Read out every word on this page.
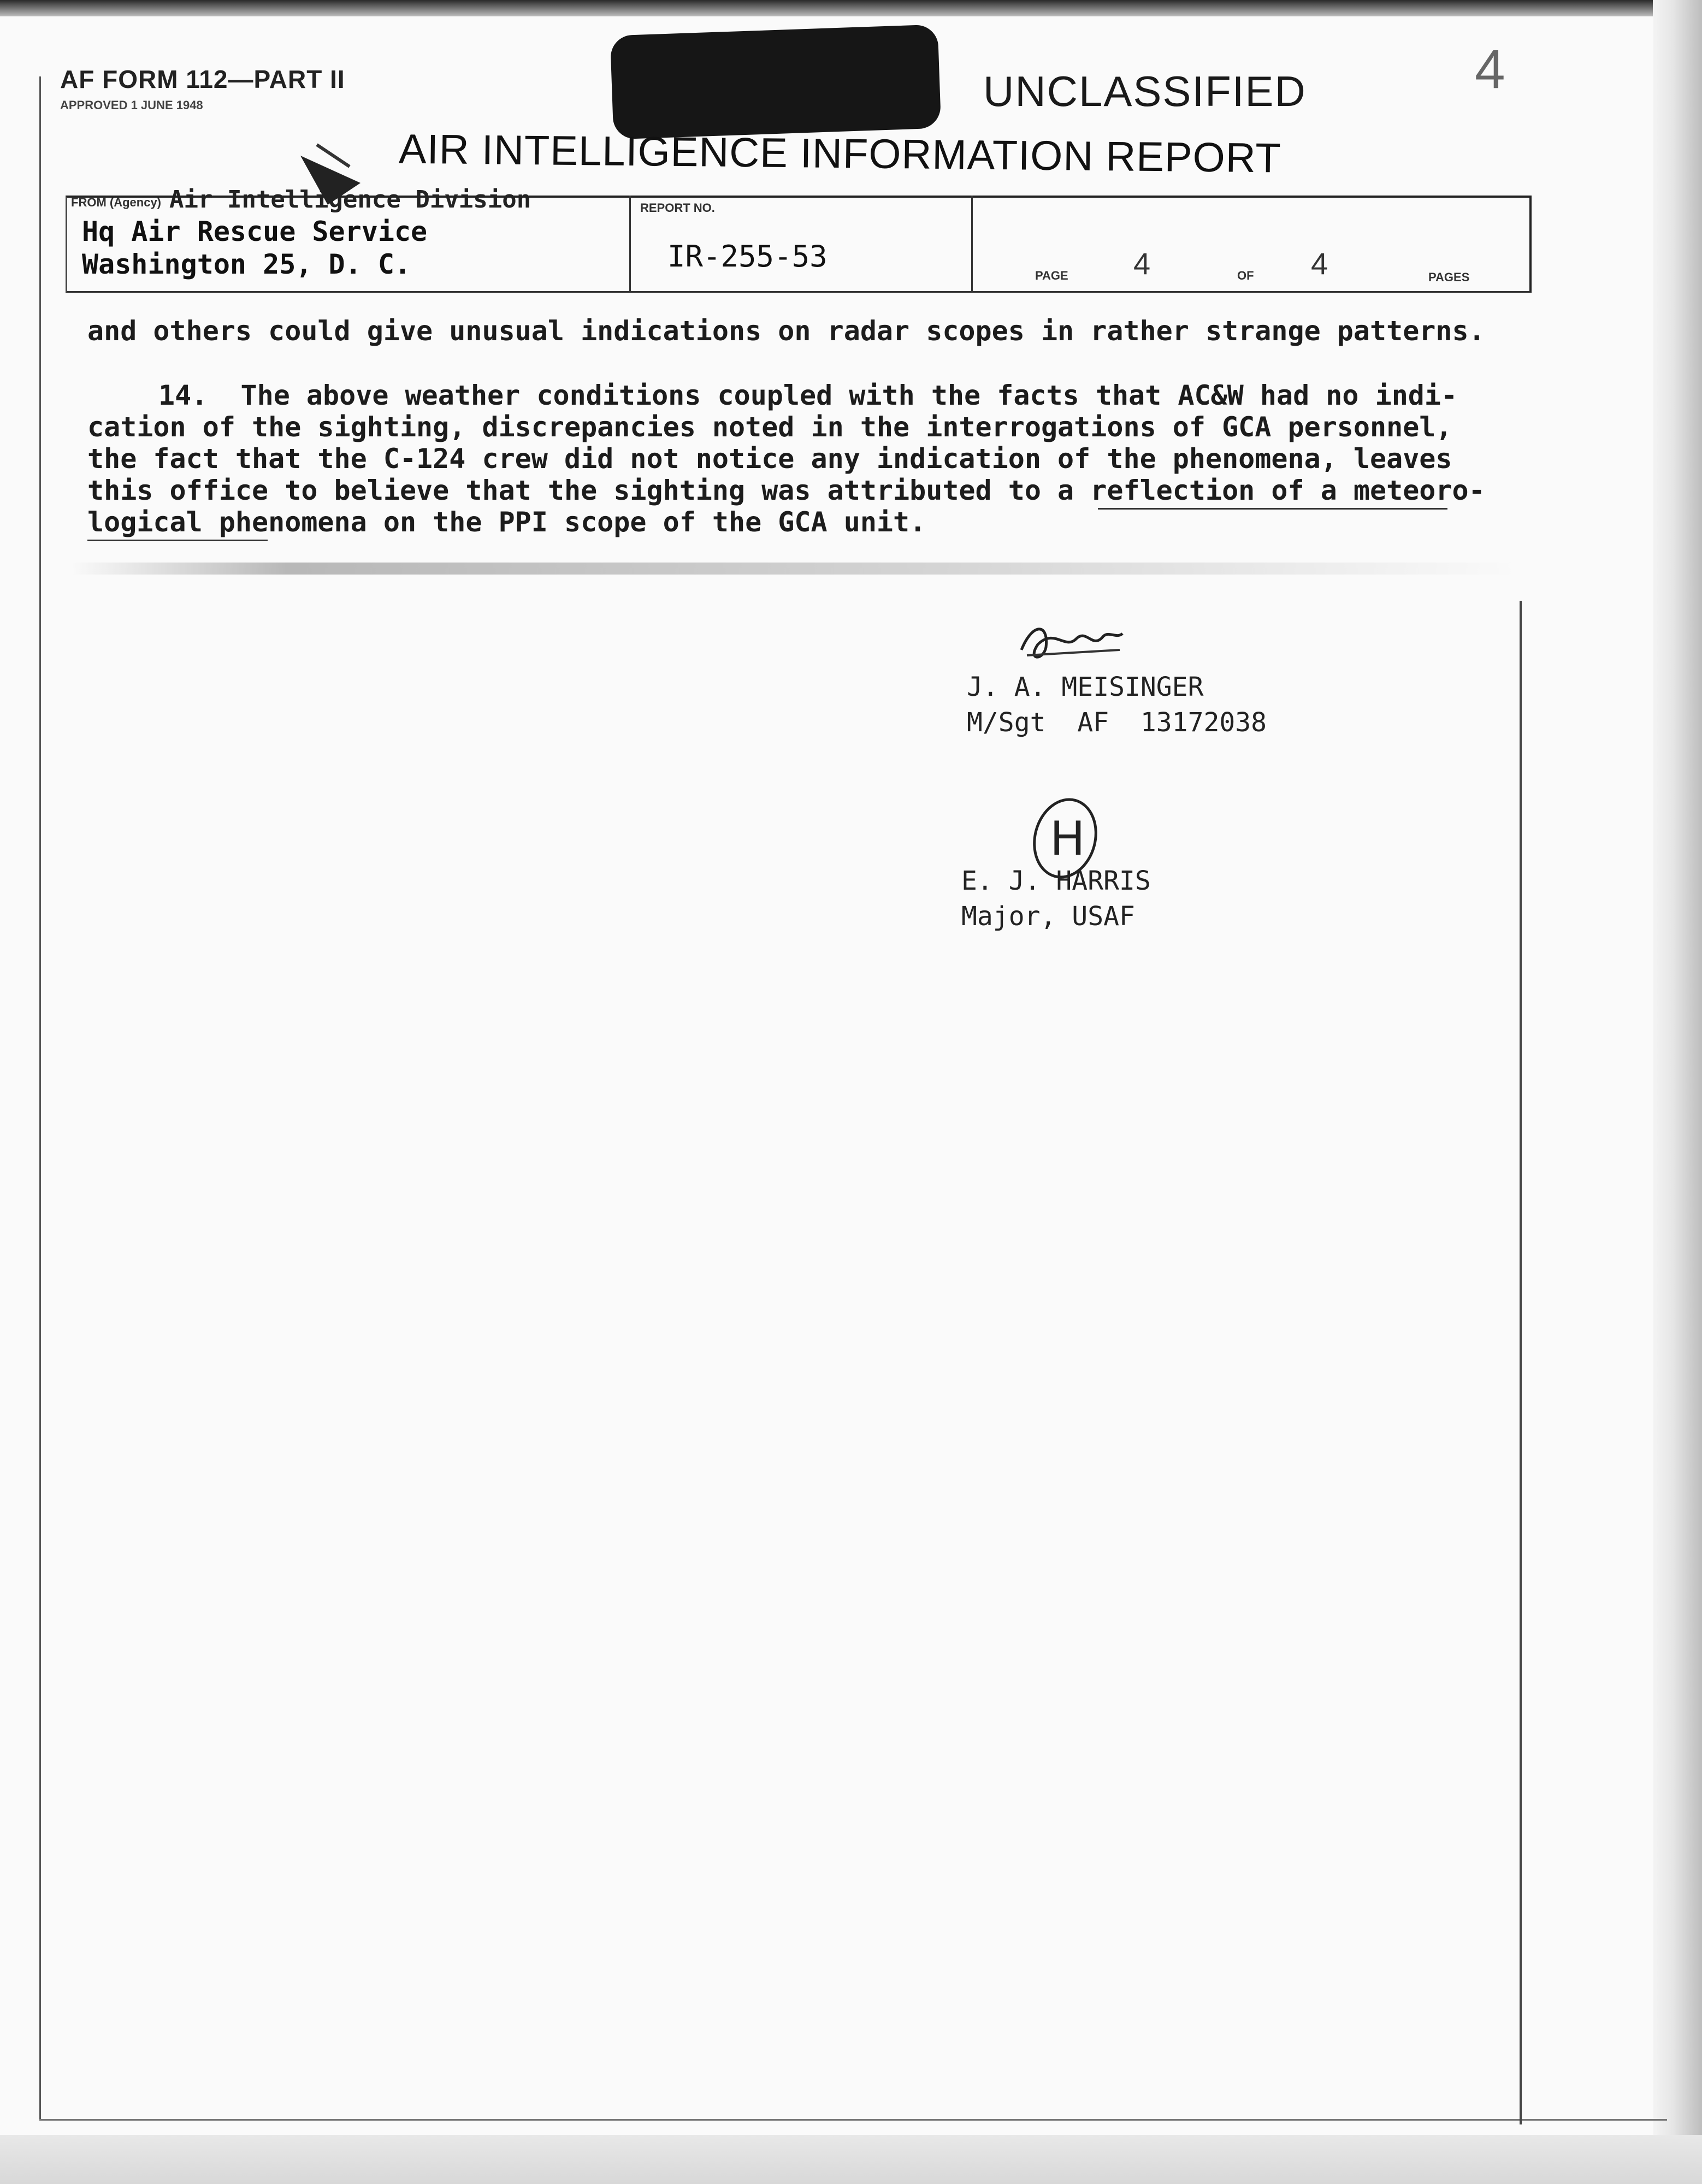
AF FORM 112—PART II
APPROVED 1 JUNE 1948	UNCLASSIFIED	4
AIR INTELLIGENCE INFORMATION REPORT
FROM (Agency) Air Intelligence Division
Hq Air Rescue Service
Washington 25, D. C.
REPORT NO.
IR-255-53
PAGE 4	OF 4	PAGES
and others could give unusual indications on radar scopes in rather strange patterns.
14.  The above weather conditions coupled with the facts that AC&W had no indi-
cation of the sighting, discrepancies noted in the interrogations of GCA personnel,
the fact that the C-124 crew did not notice any indication of the phenomena, leaves
this office to believe that the sighting was attributed to a reflection of a meteoro-
logical phenomena on the PPI scope of the GCA unit.
J. A. MEISINGER
M/Sgt  AF  13172038
H
E. J. HARRIS
Major, USAF
